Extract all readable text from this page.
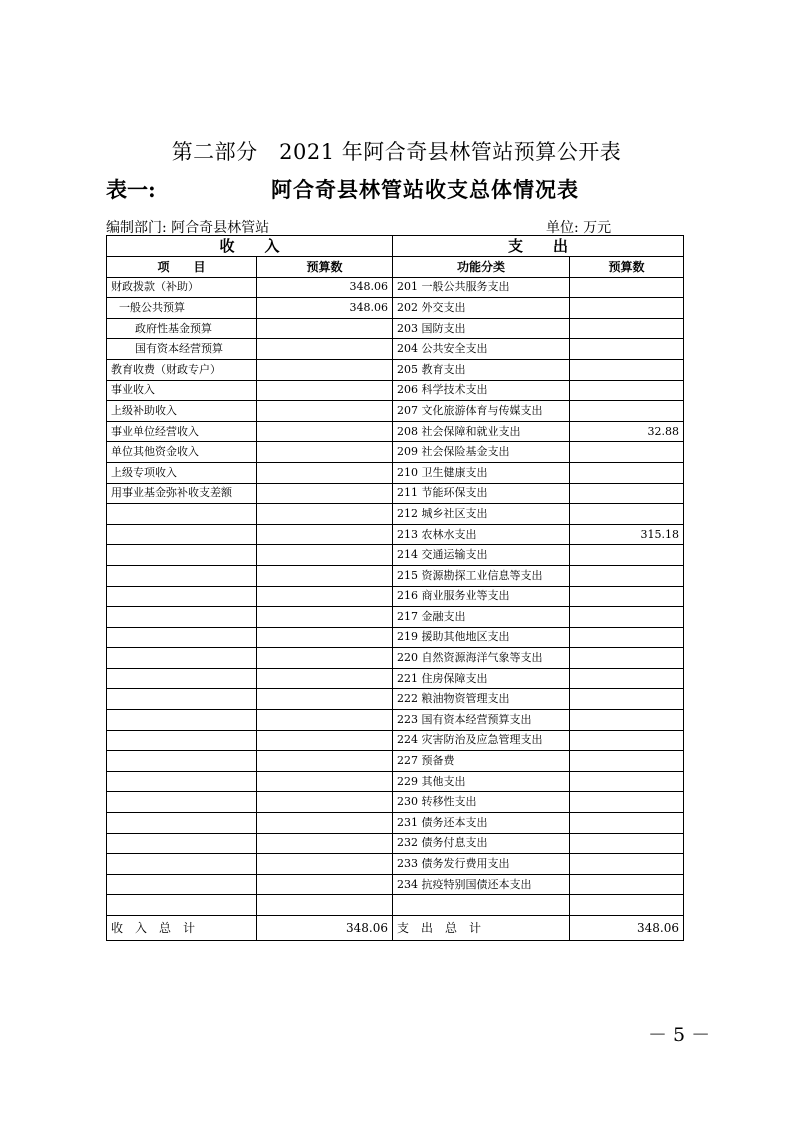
第二部分　2021 年阿合奇县林管站预算公开表
表一:	阿合奇县林管站收支总体情况表
编制部门: 阿合奇县林管站	单位: 万元
收　　入		支　　出	
项　　目	预算数	功能分类	预算数
财政拨款（补助）	348.06	201 一般公共服务支出	
一般公共预算	348.06	202 外交支出	
政府性基金预算		203 国防支出	
国有资本经营预算		204 公共安全支出	
教育收费（财政专户）		205 教育支出	
事业收入		206 科学技术支出	
上级补助收入		207 文化旅游体育与传媒支出	
事业单位经营收入		208 社会保障和就业支出	32.88
单位其他资金收入		209 社会保险基金支出	
上级专项收入		210 卫生健康支出	
用事业基金弥补收支差额		211 节能环保支出	
		212 城乡社区支出	
		213 农林水支出	315.18
		214 交通运输支出	
		215 资源勘探工业信息等支出	
		216 商业服务业等支出	
		217 金融支出	
		219 援助其他地区支出	
		220 自然资源海洋气象等支出	
		221 住房保障支出	
		222 粮油物资管理支出	
		223 国有资本经营预算支出	
		224 灾害防治及应急管理支出	
		227 预备费	
		229 其他支出	
		230 转移性支出	
		231 债务还本支出	
		232 债务付息支出	
		233 债务发行费用支出	
		234 抗疫特别国债还本支出	

收　入　总　计	348.06	支　出　总　计	348.06
－ 5 －
